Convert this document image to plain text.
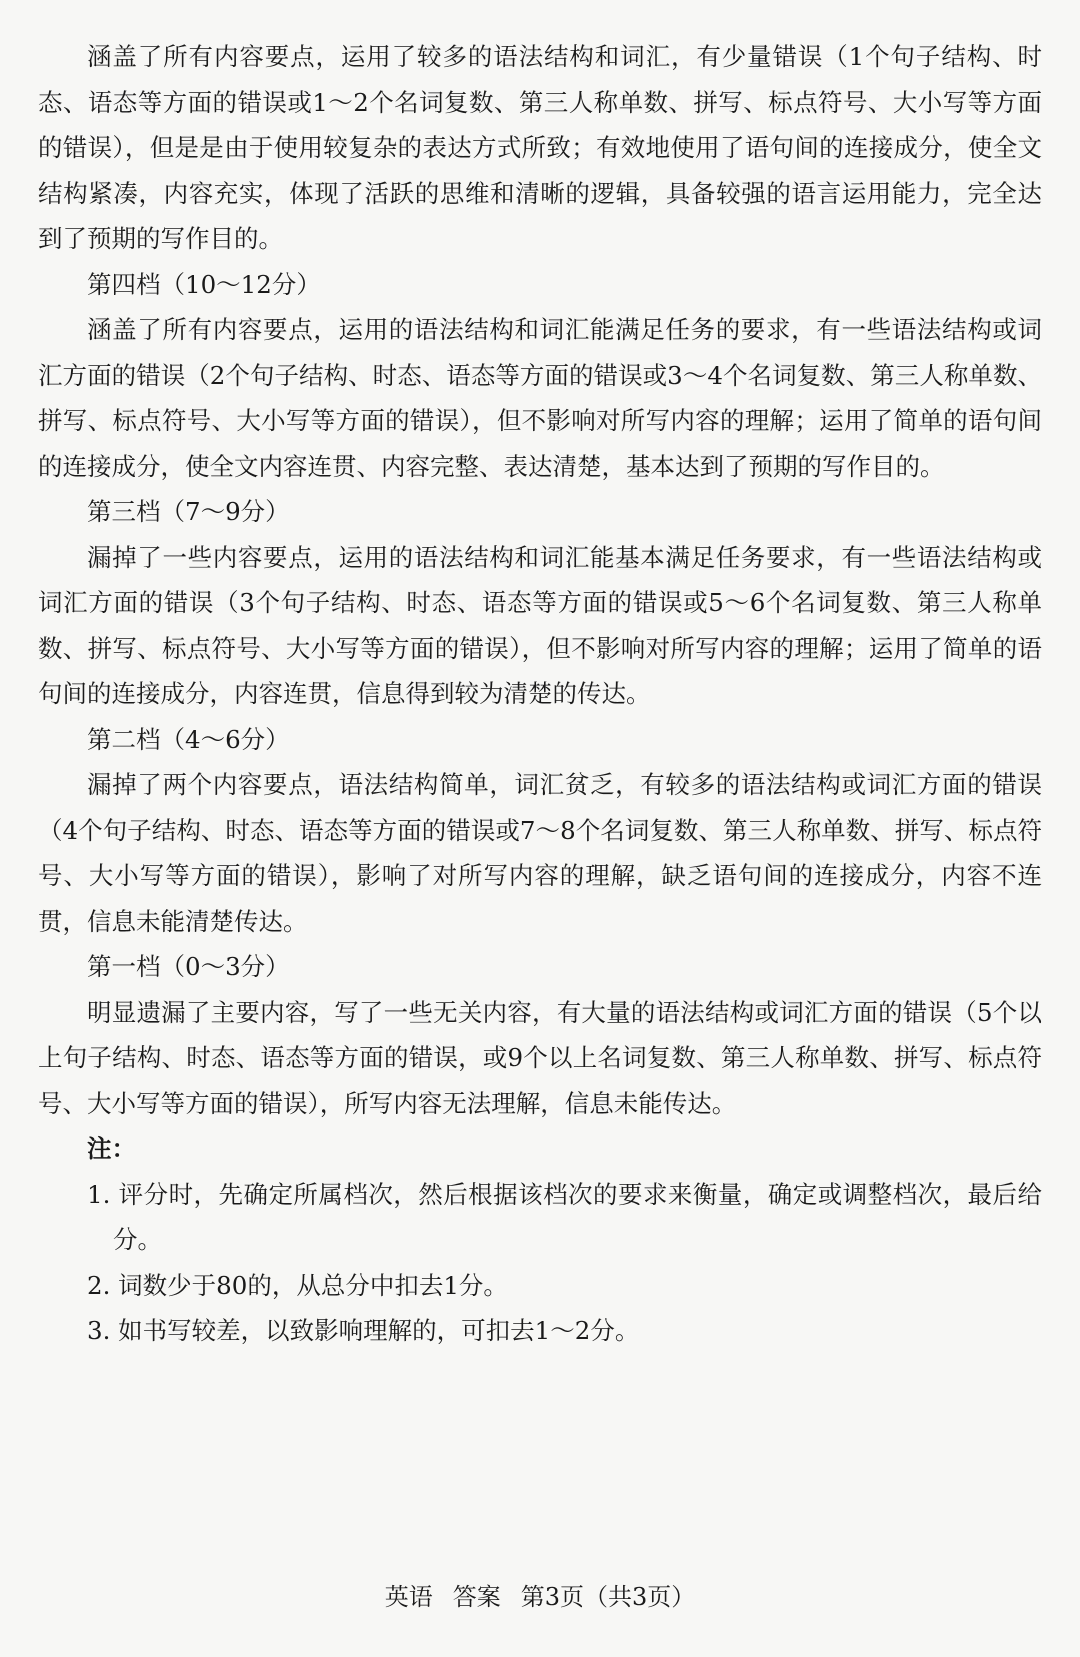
涵盖了所有内容要点，运用了较多的语法结构和词汇，有少量错误（1个句子结构、时态、语态等方面的错误或1～2个名词复数、第三人称单数、拼写、标点符号、大小写等方面的错误），但是是由于使用较复杂的表达方式所致；有效地使用了语句间的连接成分，使全文结构紧凑，内容充实，体现了活跃的思维和清晰的逻辑，具备较强的语言运用能力，完全达到了预期的写作目的。

第四档（10～12分）

涵盖了所有内容要点，运用的语法结构和词汇能满足任务的要求，有一些语法结构或词汇方面的错误（2个句子结构、时态、语态等方面的错误或3～4个名词复数、第三人称单数、拼写、标点符号、大小写等方面的错误），但不影响对所写内容的理解；运用了简单的语句间的连接成分，使全文内容连贯、内容完整、表达清楚，基本达到了预期的写作目的。

第三档（7～9分）

漏掉了一些内容要点，运用的语法结构和词汇能基本满足任务要求，有一些语法结构或词汇方面的错误（3个句子结构、时态、语态等方面的错误或5～6个名词复数、第三人称单数、拼写、标点符号、大小写等方面的错误），但不影响对所写内容的理解；运用了简单的语句间的连接成分，内容连贯，信息得到较为清楚的传达。

第二档（4～6分）

漏掉了两个内容要点，语法结构简单，词汇贫乏，有较多的语法结构或词汇方面的错误（4个句子结构、时态、语态等方面的错误或7～8个名词复数、第三人称单数、拼写、标点符号、大小写等方面的错误），影响了对所写内容的理解，缺乏语句间的连接成分，内容不连贯，信息未能清楚传达。

第一档（0～3分）

明显遗漏了主要内容，写了一些无关内容，有大量的语法结构或词汇方面的错误（5个以上句子结构、时态、语态等方面的错误，或9个以上名词复数、第三人称单数、拼写、标点符号、大小写等方面的错误），所写内容无法理解，信息未能传达。

注：

1. 评分时，先确定所属档次，然后根据该档次的要求来衡量，确定或调整档次，最后给分。

2. 词数少于80的，从总分中扣去1分。

3. 如书写较差，以致影响理解的，可扣去1～2分。

英语 答案 第3页（共3页）
